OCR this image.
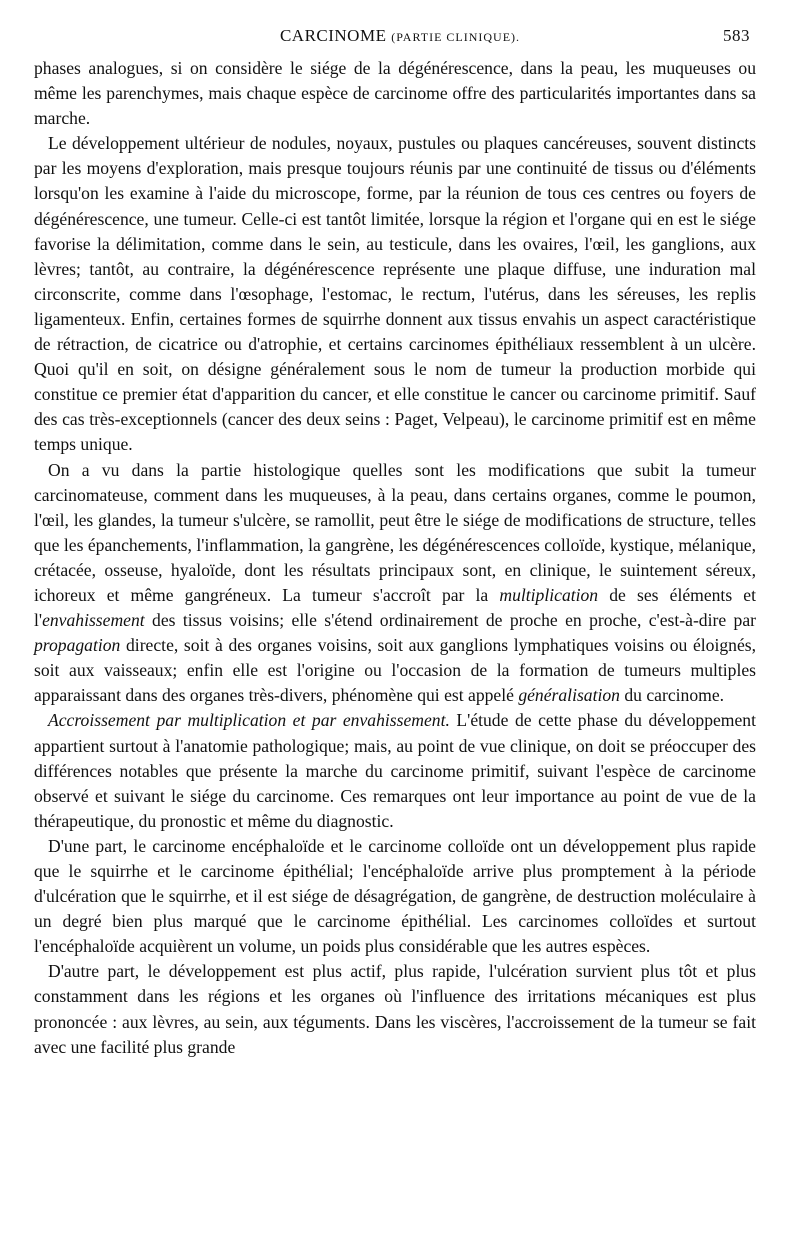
CARCINOME (PARTIE CLINIQUE).	583

phases analogues, si on considère le siége de la dégénérescence, dans la peau, les muqueuses ou même les parenchymes, mais chaque espèce de carcinome offre des particularités importantes dans sa marche.

Le développement ultérieur de nodules, noyaux, pustules ou plaques cancéreuses, souvent distincts par les moyens d'exploration, mais presque toujours réunis par une continuité de tissus ou d'éléments lorsqu'on les examine à l'aide du microscope, forme, par la réunion de tous ces centres ou foyers de dégénérescence, une tumeur. Celle-ci est tantôt limitée, lorsque la région et l'organe qui en est le siége favorise la délimitation, comme dans le sein, au testicule, dans les ovaires, l'œil, les ganglions, aux lèvres; tantôt, au contraire, la dégénérescence représente une plaque diffuse, une induration mal circonscrite, comme dans l'œsophage, l'estomac, le rectum, l'utérus, dans les séreuses, les replis ligamenteux. Enfin, certaines formes de squirrhe donnent aux tissus envahis un aspect caractéristique de rétraction, de cicatrice ou d'atrophie, et certains carcinomes épithéliaux ressemblent à un ulcère. Quoi qu'il en soit, on désigne généralement sous le nom de tumeur la production morbide qui constitue ce premier état d'apparition du cancer, et elle constitue le cancer ou carcinome primitif. Sauf des cas très-exceptionnels (cancer des deux seins : Paget, Velpeau), le carcinome primitif est en même temps unique.

On a vu dans la partie histologique quelles sont les modifications que subit la tumeur carcinomateuse, comment dans les muqueuses, à la peau, dans certains organes, comme le poumon, l'œil, les glandes, la tumeur s'ulcère, se ramollit, peut être le siége de modifications de structure, telles que les épanchements, l'inflammation, la gangrène, les dégénérescences colloïde, kystique, mélanique, crétacée, osseuse, hyaloïde, dont les résultats principaux sont, en clinique, le suintement séreux, ichoreux et même gangréneux. La tumeur s'accroît par la multiplication de ses éléments et l'envahissement des tissus voisins; elle s'étend ordinairement de proche en proche, c'est-à-dire par propagation directe, soit à des organes voisins, soit aux ganglions lymphatiques voisins ou éloignés, soit aux vaisseaux; enfin elle est l'origine ou l'occasion de la formation de tumeurs multiples apparaissant dans des organes très-divers, phénomène qui est appelé généralisation du carcinome.

Accroissement par multiplication et par envahissement. L'étude de cette phase du développement appartient surtout à l'anatomie pathologique; mais, au point de vue clinique, on doit se préoccuper des différences notables que présente la marche du carcinome primitif, suivant l'espèce de carcinome observé et suivant le siége du carcinome. Ces remarques ont leur importance au point de vue de la thérapeutique, du pronostic et même du diagnostic.

D'une part, le carcinome encéphaloïde et le carcinome colloïde ont un développement plus rapide que le squirrhe et le carcinome épithélial; l'encéphaloïde arrive plus promptement à la période d'ulcération que le squirrhe, et il est siége de désagrégation, de gangrène, de destruction moléculaire à un degré bien plus marqué que le carcinome épithélial. Les carcinomes colloïdes et surtout l'encéphaloïde acquièrent un volume, un poids plus considérable que les autres espèces.

D'autre part, le développement est plus actif, plus rapide, l'ulcération survient plus tôt et plus constamment dans les régions et les organes où l'influence des irritations mécaniques est plus prononcée : aux lèvres, au sein, aux téguments. Dans les viscères, l'accroissement de la tumeur se fait avec une facilité plus grande
